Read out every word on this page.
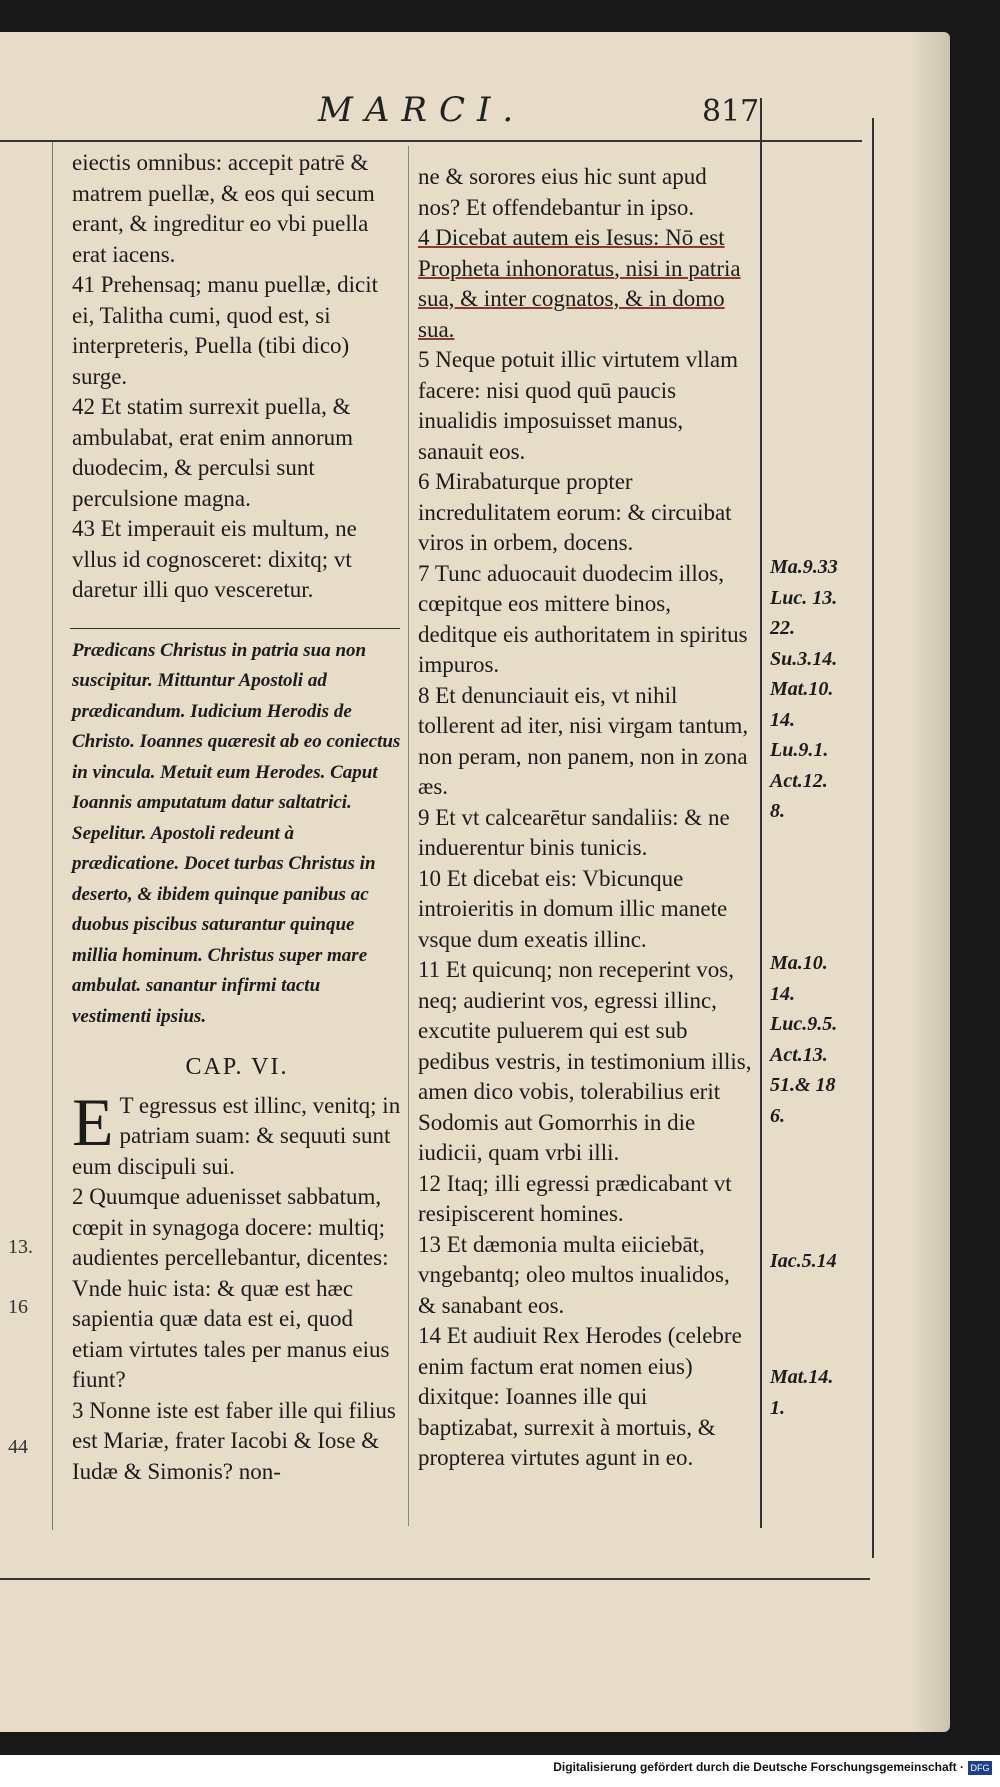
MARCI.	817

eiectis omnibus: accepit patrē & matrem puellæ, & eos qui secum erant, & ingreditur eo vbi puella erat iacens.

41 Prehensaq; manu puellæ, dicit ei, Talitha cumi, quod est, si interpreteris, Puella (tibi dico) surge.

42 Et statim surrexit puella, & ambulabat, erat enim annorum duodecim, & perculsi sunt perculsione magna.

43 Et imperauit eis multum, ne vllus id cognosceret: dixitq; vt daretur illi quo vesceretur.

Prædicans Christus in patria sua non suscipitur. Mittuntur Apostoli ad prædicandum. Iudicium Herodis de Christo. Ioannes quæresit ab eo coniectus in vincula. Metuit eum Herodes. Caput Ioannis amputatum datur saltatrici. Sepelitur. Apostoli redeunt à prædicatione. Docet turbas Christus in deserto, & ibidem quinque panibus ac duobus piscibus saturantur quinque millia hominum. Christus super mare ambulat. sanantur infirmi tactu vestimenti ipsius.

CAP. VI.

E T egressus est illinc, venitq; in patriam suam: & sequuti sunt eum discipuli sui.

2 Quumque aduenisset sabbatum, cœpit in synagoga docere: multiq; audientes percellebantur, dicentes: Vnde huic ista: & quæ est hæc sapientia quæ data est ei, quod etiam virtutes tales per manus eius fiunt?

3 Nonne iste est faber ille qui filius est Mariæ, frater Iacobi & Iose & Iudæ & Simonis? non-

13.
16
44

ne & sorores eius hic sunt apud nos? Et offendebantur in ipso.

4 Dicebat autem eis Iesus: Nō est Propheta inhonoratus, nisi in patria sua, & inter cognatos, & in domo sua.

5 Neque potuit illic virtutem vllam facere: nisi quod quū paucis inualidis imposuisset manus, sanauit eos.

6 Mirabaturque propter incredulitatem eorum: & circuibat viros in orbem, docens.

7 Tunc aduocauit duodecim illos, cœpitque eos mittere binos, deditque eis authoritatem in spiritus impuros.

8 Et denunciauit eis, vt nihil tollerent ad iter, nisi virgam tantum, non peram, non panem, non in zona æs.

9 Et vt calcearētur sandaliis: & ne induerentur binis tunicis.

10 Et dicebat eis: Vbicunque introieritis in domum illic manete vsque dum exeatis illinc.

11 Et quicunq; non receperint vos, neq; audierint vos, egressi illinc, excutite puluerem qui est sub pedibus vestris, in testimonium illis, amen dico vobis, tolerabilius erit Sodomis aut Gomorrhis in die iudicii, quam vrbi illi.

12 Itaq; illi egressi prædicabant vt resipiscerent homines.

13 Et dæmonia multa eiiciebāt, vngebantq; oleo multos inualidos, & sanabant eos.

14 Et audiuit Rex Herodes (celebre enim factum erat nomen eius) dixitque: Ioannes ille qui baptizabat, surrexit à mortuis, & propterea virtutes agunt in eo.

Ma.9.33
Luc. 13.
22.
Su.3.14.
Mat.10.
14.
Lu.9.1.
Act.12.
8.
Ma.10.
14.
Luc.9.5.
Act.13.
51.& 18
6.
Iac.5.14
Mat.14.
1.
Digitalisierung gefördert durch die Deutsche Forschungsgemeinschaft · DFG
